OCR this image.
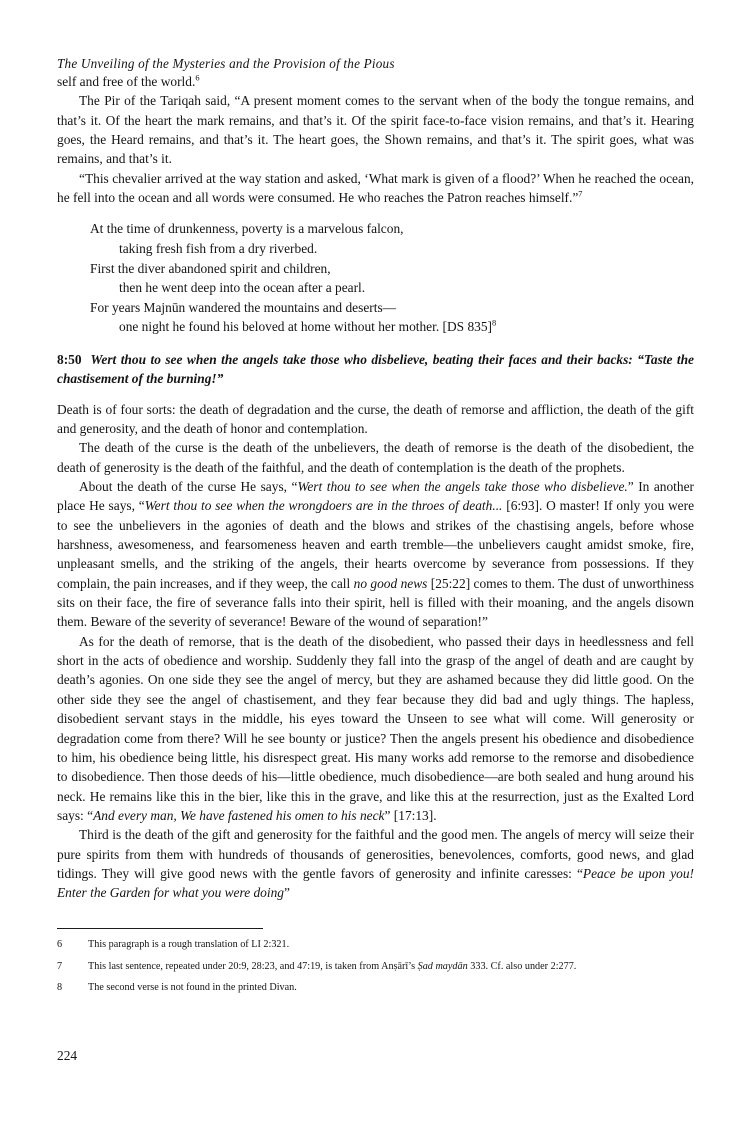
The Unveiling of the Mysteries and the Provision of the Pious

self and free of the world.$^6$

The Pir of the Tariqah said, “A present moment comes to the servant when of the body the tongue remains, and that’s it. Of the heart the mark remains, and that’s it. Of the spirit face-to-face vision remains, and that’s it. Hearing goes, the Heard remains, and that’s it. The heart goes, the Shown remains, and that’s it. The spirit goes, what was remains, and that’s it.

“This chevalier arrived at the way station and asked, ‘What mark is given of a flood?’ When he reached the ocean, he fell into the ocean and all words were consumed. He who reaches the Patron reaches himself.”$^7$

At the time of drunkenness, poverty is a marvelous falcon,
taking fresh fish from a dry riverbed.
First the diver abandoned spirit and children,
then he went deep into the ocean after a pearl.
For years Majnūn wandered the mountains and deserts—
one night he found his beloved at home without her mother. [DS 835]$^8$
8:50 Wert thou to see when the angels take those who disbelieve, beating their faces and their backs: “Taste the chastisement of the burning!”

Death is of four sorts: the death of degradation and the curse, the death of remorse and affliction, the death of the gift and generosity, and the death of honor and contemplation.

The death of the curse is the death of the unbelievers, the death of remorse is the death of the disobedient, the death of generosity is the death of the faithful, and the death of contemplation is the death of the prophets.

About the death of the curse He says, “Wert thou to see when the angels take those who disbelieve.” In another place He says, “Wert thou to see when the wrongdoers are in the throes of death... [6:93]. O master! If only you were to see the unbelievers in the agonies of death and the blows and strikes of the chastising angels, before whose harshness, awesomeness, and fearsomeness heaven and earth tremble—the unbelievers caught amidst smoke, fire, unpleasant smells, and the striking of the angels, their hearts overcome by severance from possessions. If they complain, the pain increases, and if they weep, the call no good news [25:22] comes to them. The dust of unworthiness sits on their face, the fire of severance falls into their spirit, hell is filled with their moaning, and the angels disown them. Beware of the severity of severance! Beware of the wound of separation!”

As for the death of remorse, that is the death of the disobedient, who passed their days in heedlessness and fell short in the acts of obedience and worship. Suddenly they fall into the grasp of the angel of death and are caught by death’s agonies. On one side they see the angel of mercy, but they are ashamed because they did little good. On the other side they see the angel of chastisement, and they fear because they did bad and ugly things. The hapless, disobedient servant stays in the middle, his eyes toward the Unseen to see what will come. Will generosity or degradation come from there? Will he see bounty or justice? Then the angels present his obedience and disobedience to him, his obedience being little, his disrespect great. His many works add remorse to the remorse and disobedience to disobedience. Then those deeds of his—little obedience, much disobedience—are both sealed and hung around his neck. He remains like this in the bier, like this in the grave, and like this at the resurrection, just as the Exalted Lord says: “And every man, We have fastened his omen to his neck” [17:13].

Third is the death of the gift and generosity for the faithful and the good men. The angels of mercy will seize their pure spirits from them with hundreds of thousands of generosities, benevolences, comforts, good news, and glad tidings. They will give good news with the gentle favors of generosity and infinite caresses: “Peace be upon you! Enter the Garden for what you were doing”

6	This paragraph is a rough translation of LI 2:321.
7	This last sentence, repeated under 20:9, 28:23, and 47:19, is taken from Anṣārī’s Ṣad maydān 333. Cf. also under 2:277.
8	The second verse is not found in the printed Divan.
224
